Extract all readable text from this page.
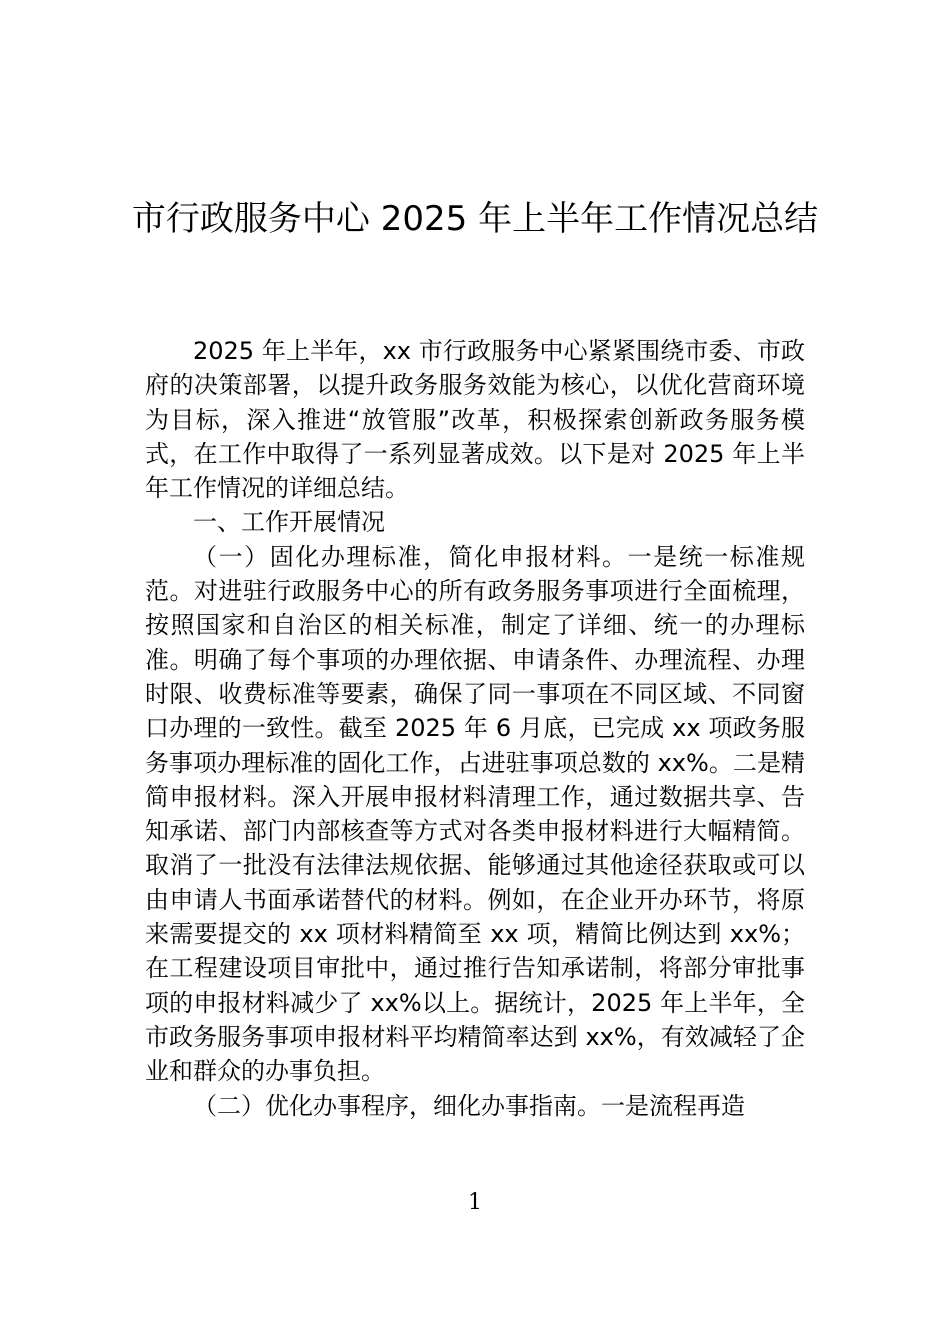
市行政服务中心 2025 年上半年工作情况总结

2025 年上半年，xx 市行政服务中心紧紧围绕市委、市政府的决策部署，以提升政务服务效能为核心，以优化营商环境为目标，深入推进“放管服”改革，积极探索创新政务服务模式，在工作中取得了一系列显著成效。以下是对 2025 年上半年工作情况的详细总结。

一、工作开展情况

（一）固化办理标准，简化申报材料。一是统一标准规范。对进驻行政服务中心的所有政务服务事项进行全面梳理，按照国家和自治区的相关标准，制定了详细、统一的办理标准。明确了每个事项的办理依据、申请条件、办理流程、办理时限、收费标准等要素，确保了同一事项在不同区域、不同窗口办理的一致性。截至 2025 年 6 月底，已完成 xx 项政务服务事项办理标准的固化工作，占进驻事项总数的 xx%。二是精简申报材料。深入开展申报材料清理工作，通过数据共享、告知承诺、部门内部核查等方式对各类申报材料进行大幅精简。取消了一批没有法律法规依据、能够通过其他途径获取或可以由申请人书面承诺替代的材料。例如，在企业开办环节，将原来需要提交的 xx 项材料精简至 xx 项，精简比例达到 xx%；在工程建设项目审批中，通过推行告知承诺制，将部分审批事项的申报材料减少了 xx%以上。据统计，2025 年上半年，全市政务服务事项申报材料平均精简率达到 xx%，有效减轻了企业和群众的办事负担。

（二）优化办事程序，细化办事指南。一是流程再造

1
